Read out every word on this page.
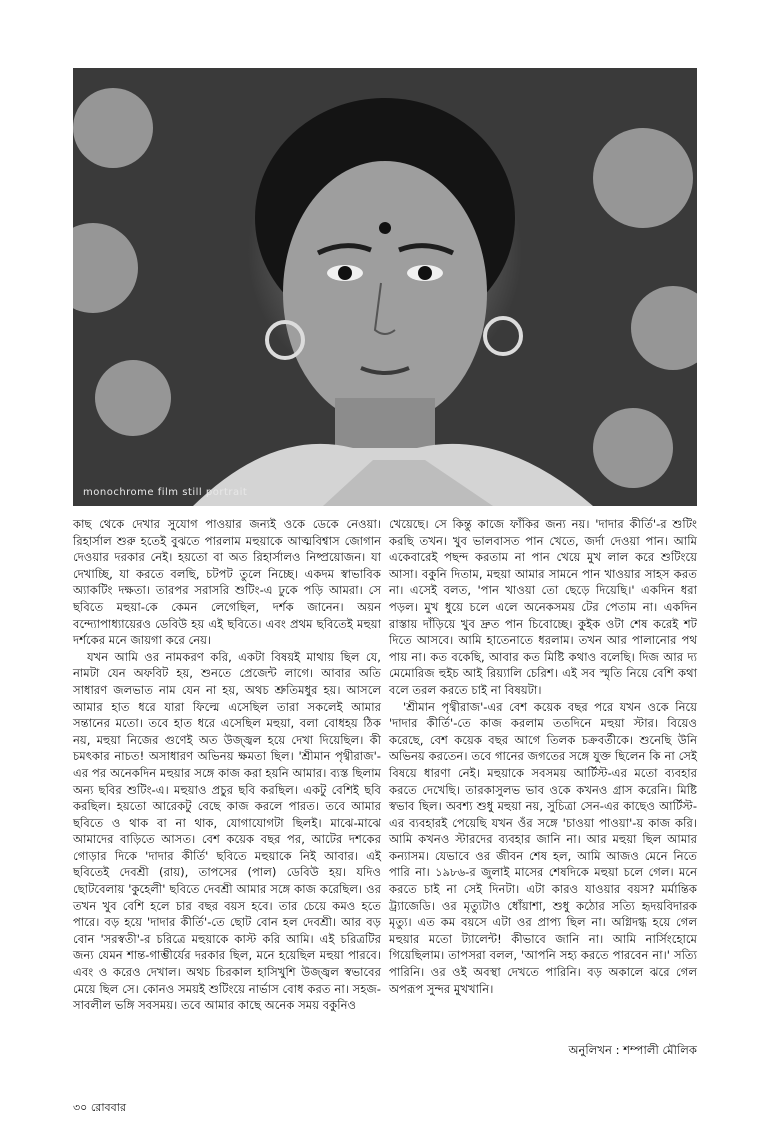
monochrome film still portrait

কাছ থেকে দেখার সুযোগ পাওয়ার জন্যই ওকে ডেকে নেওয়া। রিহার্সাল শুরু হতেই বুঝতে পারলাম মহুয়াকে আত্মবিশ্বাস জোগান দেওয়ার দরকার নেই। হয়তো বা অত রিহার্সালও নিষ্প্রয়োজন। যা দেখাচ্ছি, যা করতে বলছি, চটপট তুলে নিচ্ছে। একদম স্বাভাবিক অ্যাকটিং দক্ষতা। তারপর সরাসরি শুটিং-এ ঢুকে পড়ি আমরা। সে ছবিতে মহুয়া-কে কেমন লেগেছিল, দর্শক জানেন। অয়ন বন্দ্যোপাধ্যায়েরও ডেবিউ হয় এই ছবিতে। এবং প্রথম ছবিতেই মহুয়া দর্শকের মনে জায়গা করে নেয়।

যখন আমি ওর নামকরণ করি, একটা বিষয়ই মাথায় ছিল যে, নামটা যেন অফবিট হয়, শুনতে প্রেজেন্ট লাগে। আবার অতি সাধারণ জলভাত নাম যেন না হয়, অথচ শ্রুতিমধুর হয়। আসলে আমার হাত ধরে যারা ফিল্মে এসেছিল তারা সকলেই আমার সন্তানের মতো। তবে হাত ধরে এসেছিল মহুয়া, বলা বোধহয় ঠিক নয়, মহুয়া নিজের গুণেই অত উজ্জ্বল হয়ে দেখা দিয়েছিল। কী চমৎকার নাচত! অসাধারণ অভিনয় ক্ষমতা ছিল। 'শ্রীমান পৃথ্বীরাজ'-এর পর অনেকদিন মহুয়ার সঙ্গে কাজ করা হয়নি আমার। ব্যস্ত ছিলাম অন্য ছবির শুটিং-এ। মহুয়াও প্রচুর ছবি করছিল। একটু বেশিই ছবি করছিল। হয়তো আরেকটু বেছে কাজ করলে পারত। তবে আমার ছবিতে ও থাক বা না থাক, যোগাযোগটা ছিলই। মাঝে-মাঝে আমাদের বাড়িতে আসত। বেশ কয়েক বছর পর, আটের দশকের গোড়ার দিকে 'দাদার কীর্তি' ছবিতে মহুয়াকে নিই আবার। এই ছবিতেই দেবশ্রী (রায়), তাপসের (পাল) ডেবিউ হয়। যদিও ছোটবেলায় 'কুহেলী' ছবিতে দেবশ্রী আমার সঙ্গে কাজ করেছিল। ওর তখন খুব বেশি হলে চার বছর বয়স হবে। তার চেয়ে কমও হতে পারে। বড় হয়ে 'দাদার কীর্তি'-তে ছোট বোন হল দেবশ্রী। আর বড় বোন 'সরস্বতী'-র চরিত্রে মহুয়াকে কাস্ট করি আমি। এই চরিত্রটির জন্য যেমন শান্ত-গাম্ভীর্যের দরকার ছিল, মনে হয়েছিল মহুয়া পারবে। এবং ও করেও দেখাল। অথচ চিরকাল হাসিখুশি উজ্জ্বল স্বভাবের মেয়ে ছিল সে। কোনও সময়ই শুটিংয়ে নার্ভাস বোধ করত না। সহজ-সাবলীল ভঙ্গি সবসময়। তবে আমার কাছে অনেক সময় বকুনিও

খেয়েছে। সে কিন্তু কাজে ফাঁকির জন্য নয়। 'দাদার কীর্তি'-র শুটিং করছি তখন। খুব ভালবাসত পান খেতে, জর্দা দেওয়া পান। আমি একেবারেই পছন্দ করতাম না পান খেয়ে মুখ লাল করে শুটিংয়ে আসা। বকুনি দিতাম, মহুয়া আমার সামনে পান খাওয়ার সাহস করত না। এসেই বলত, 'পান খাওয়া তো ছেড়ে দিয়েছি।' একদিন ধরা পড়ল। মুখ ধুয়ে চলে এলে অনেকসময় টের পেতাম না। একদিন রাস্তায় দাঁড়িয়ে খুব দ্রুত পান চিবোচ্ছে। কুইক ওটা শেষ করেই শট দিতে আসবে। আমি হাতেনাতে ধরলাম। তখন আর পালানোর পথ পায় না। কত বকেছি, আবার কত মিষ্টি কথাও বলেছি। দিজ আর দ্য মেমোরিজ হুইচ আই রিয়্যালি চেরিশ। এই সব স্মৃতি নিয়ে বেশি কথা বলে তরল করতে চাই না বিষয়টা।

'শ্রীমান পৃথ্বীরাজ'-এর বেশ কয়েক বছর পরে যখন ওকে নিয়ে 'দাদার কীর্তি'-তে কাজ করলাম ততদিনে মহুয়া স্টার। বিয়েও করেছে, বেশ কয়েক বছর আগে তিলক চক্রবর্তীকে। শুনেছি উনি অভিনয় করতেন। তবে গানের জগতের সঙ্গে যুক্ত ছিলেন কি না সেই বিষয়ে ধারণা নেই। মহুয়াকে সবসময় আর্টিস্ট-এর মতো ব্যবহার করতে দেখেছি। তারকাসুলভ ভাব ওকে কখনও গ্রাস করেনি। মিষ্টি স্বভাব ছিল। অবশ্য শুধু মহুয়া নয়, সুচিত্রা সেন-এর কাছেও আর্টিস্ট-এর ব্যবহারই পেয়েছি যখন ওঁর সঙ্গে 'চাওয়া পাওয়া'-য় কাজ করি। আমি কখনও স্টারদের ব্যবহার জানি না। আর মহুয়া ছিল আমার কন্যাসম। যেভাবে ওর জীবন শেষ হল, আমি আজও মেনে নিতে পারি না। ১৯৮৬-র জুলাই মাসের শেষদিকে মহুয়া চলে গেল। মনে করতে চাই না সেই দিনটা। এটা কারও যাওয়ার বয়স? মর্মান্তিক ট্র্যাজেডি। ওর মৃত্যুটাও ধোঁয়াশা, শুধু কঠোর সত্যি হৃদয়বিদারক মৃত্যু। এত কম বয়সে এটা ওর প্রাপ্য ছিল না। অগ্নিদগ্ধ হয়ে গেল মহুয়ার মতো ট্যালেন্ট! কীভাবে জানি না। আমি নার্সিংহোমে গিয়েছিলাম। তাপসরা বলল, 'আপনি সহ্য করতে পারবেন না।' সত্যি পারিনি। ওর ওই অবস্থা দেখতে পারিনি। বড় অকালে ঝরে গেল অপরূপ সুন্দর মুখখানি।

অনুলিখন : শম্পালী মৌলিক
৩০ রোববার
